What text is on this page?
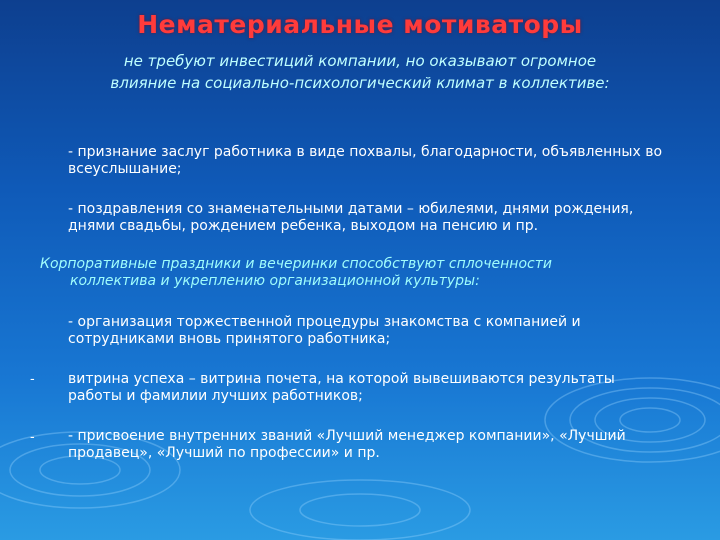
Нематериальные мотиваторы
не требуют инвестиций компании, но оказывают огромное
влияние на социально-психологический климат в коллективе:
- признание заслуг работника в виде похвалы, благодарности, объявленных во всеуслышание;
- поздравления со знаменательными датами – юбилеями, днями рождения, днями свадьбы, рождением ребенка, выходом на пенсию и пр.
Корпоративные праздники и вечеринки способствуют сплоченности
коллектива и укреплению организационной культуры:
- организация торжественной процедуры знакомства с компанией и сотрудниками вновь принятого работника;
- витрина успеха – витрина почета, на которой вывешиваются результаты работы и фамилии лучших работников;
- - присвоение внутренних званий «Лучший менеджер компании», «Лучший продавец», «Лучший по профессии» и пр.
